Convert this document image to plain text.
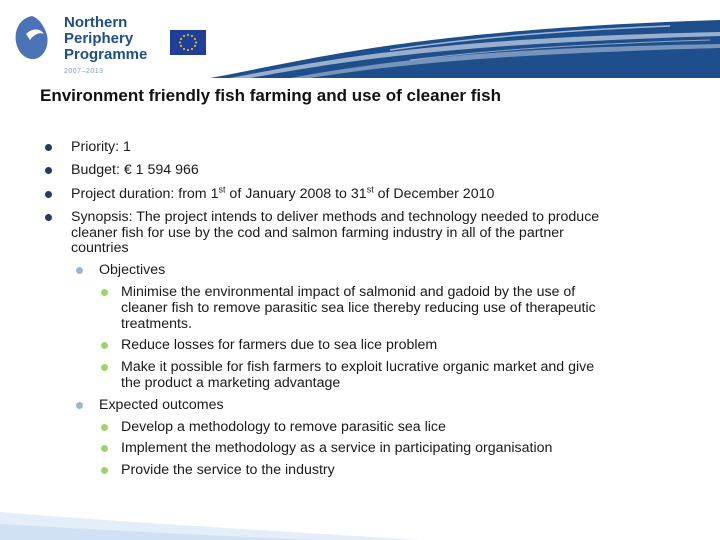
Northern
Periphery
Programme
2007–2013
Environment friendly fish farming and use of cleaner fish
Priority: 1
Budget: € 1 594 966
Project duration: from 1st of January 2008 to 31st of December 2010
Synopsis: The project intends to deliver methods and technology needed to produce
cleaner fish for use by the cod and salmon farming industry in all of the partner
countries
Objectives
Minimise the environmental impact of salmonid and gadoid by the use of
cleaner fish to remove parasitic sea lice thereby reducing use of therapeutic
treatments.
Reduce losses for farmers due to sea lice problem
Make it possible for fish farmers to exploit lucrative organic market and give
the product a marketing advantage
Expected outcomes
Develop a methodology to remove parasitic sea lice
Implement the methodology as a service in participating organisation
Provide the service to the industry
